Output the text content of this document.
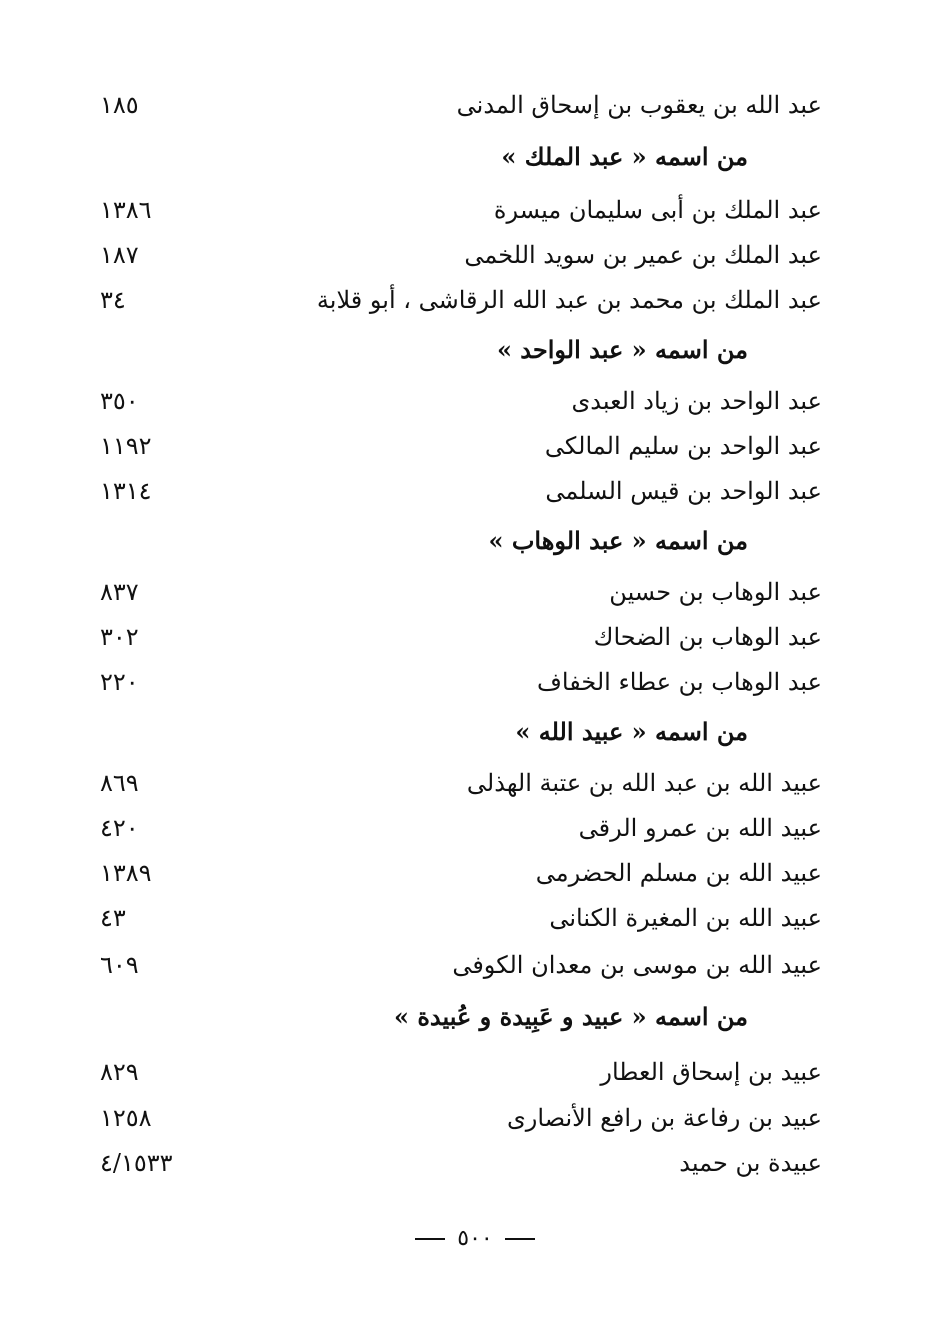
عبد الله بن يعقوب بن إسحاق المدنى
١٨٥
من اسمه « عبد الملك »
عبد الملك بن أبى سليمان ميسرة
١٣٨٦
عبد الملك بن عمير بن سويد اللخمى
١٨٧
عبد الملك بن محمد بن عبد الله الرقاشى ، أبو قلابة
٣٤
من اسمه « عبد الواحد »
عبد الواحد بن زياد العبدى
٣٥٠
عبد الواحد بن سليم المالكى
١١٩٢
عبد الواحد بن قيس السلمى
١٣١٤
من اسمه « عبد الوهاب »
عبد الوهاب بن حسين
٨٣٧
عبد الوهاب بن الضحاك
٣٠٢
عبد الوهاب بن عطاء الخفاف
٢٢٠
من اسمه « عبيد الله »
عبيد الله بن عبد الله بن عتبة الهذلى
٨٦٩
عبيد الله بن عمرو الرقى
٤٢٠
عبيد الله بن مسلم الحضرمى
١٣٨٩
عبيد الله بن المغيرة الكنانى
٤٣
عبيد الله بن موسى بن معدان الكوفى
٦٠٩
من اسمه « عبيد و عَبِيدة و عُبيدة »
عبيد بن إسحاق العطار
٨٢٩
عبيد بن رفاعة بن رافع الأنصارى
١٢٥٨
عبيدة بن حميد
٤/١٥٣٣
٥٠٠
